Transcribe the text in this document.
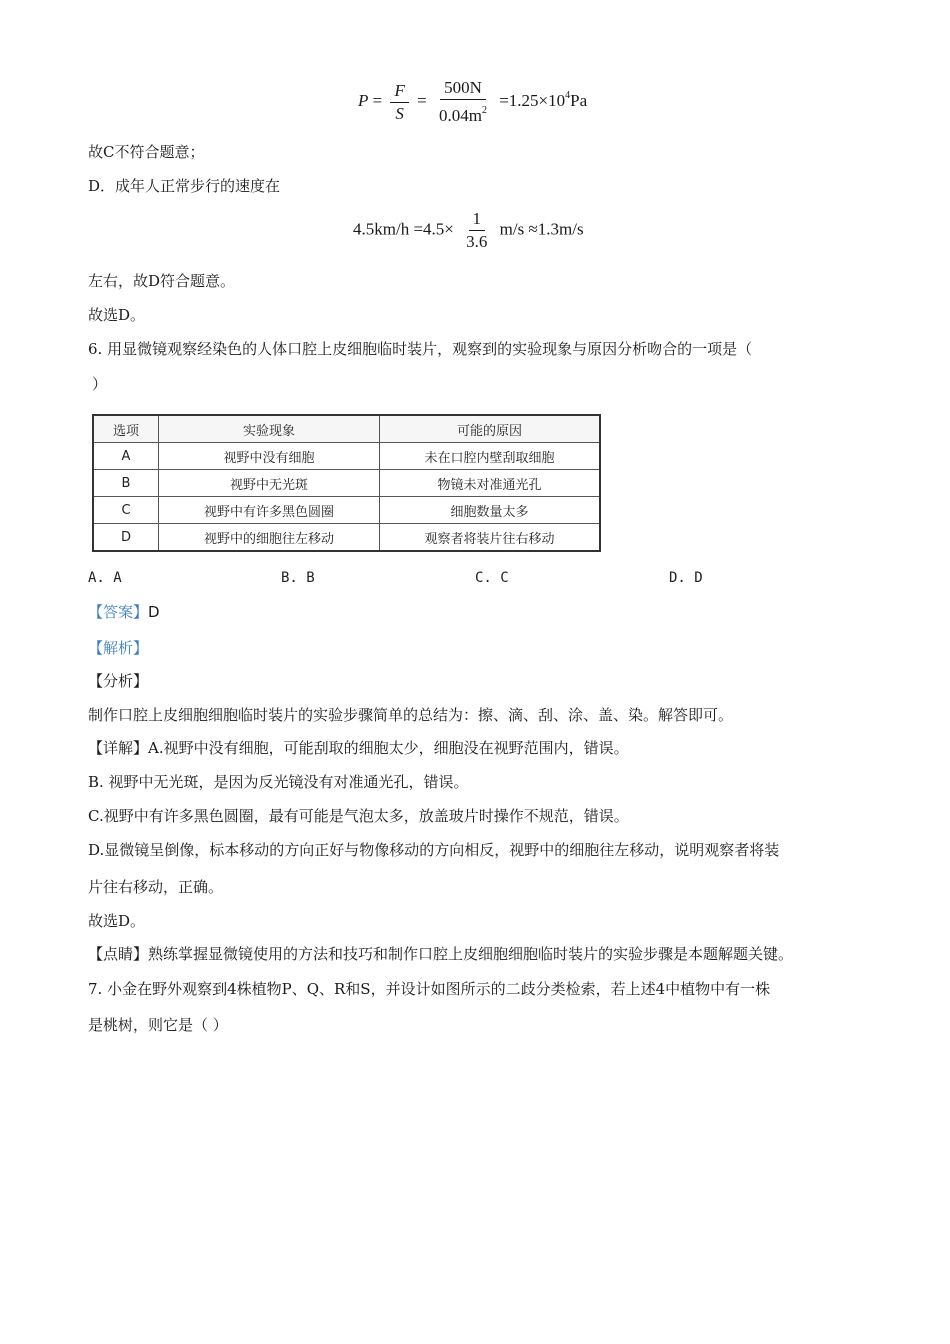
$P = \frac{F}{S} = \frac{500N}{0.04m^2} =1.25\times 10^4Pa$
故C不符合题意；
D．成年人正常步行的速度在
$4.5km/h =4.5\times \frac{1}{3.6} m/s \approx 1.3m/s$
左右，故D符合题意。
故选D。
6. 用显微镜观察经染色的人体口腔上皮细胞临时装片，观察到的实验现象与原因分析吻合的一项是（
）
选项	实验现象	可能的原因
A	视野中没有细胞	未在口腔内壁刮取细胞
B	视野中无光斑	物镜未对准通光孔
C	视野中有许多黑色圆圈	细胞数量太多
D	视野中的细胞往左移动	观察者将装片往右移动
A. A	B. B	C. C	D. D
【答案】D
【解析】
【分析】
制作口腔上皮细胞细胞临时装片的实验步骤简单的总结为：擦、滴、刮、涂、盖、染。解答即可。
【详解】A.视野中没有细胞，可能刮取的细胞太少，细胞没在视野范围内，错误。
B. 视野中无光斑，是因为反光镜没有对准通光孔，错误。
C.视野中有许多黑色圆圈，最有可能是气泡太多，放盖玻片时操作不规范，错误。
D.显微镜呈倒像，标本移动的方向正好与物像移动的方向相反，视野中的细胞往左移动，说明观察者将装
片往右移动，正确。
故选D。
【点睛】熟练掌握显微镜使用的方法和技巧和制作口腔上皮细胞细胞临时装片的实验步骤是本题解题关键。
7. 小金在野外观察到4株植物P、Q、R和S，并设计如图所示的二歧分类检索，若上述4中植物中有一株
是桃树，则它是（ ）
